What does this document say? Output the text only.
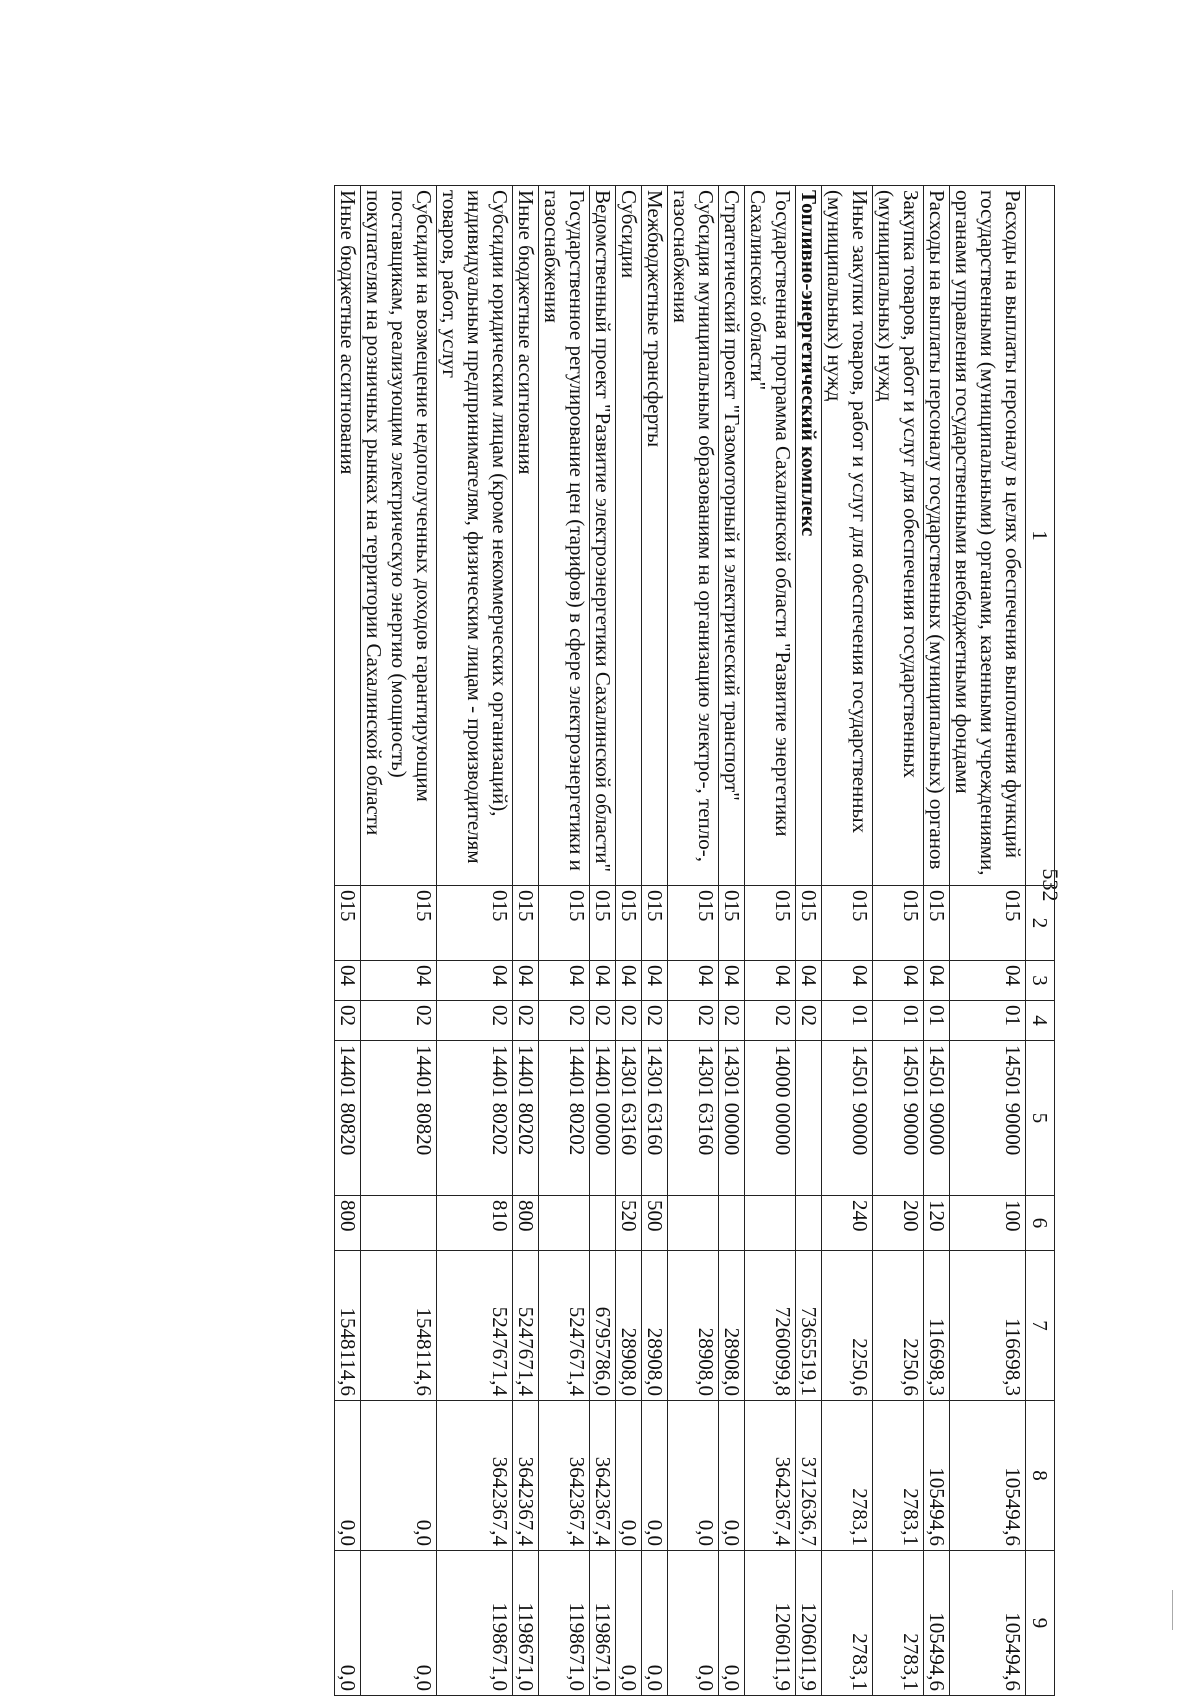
532
1	2	3	4	5	6	7	8	9
Расходы на выплаты персоналу в целях обеспечения выполнения функций государственными (муниципальными) органами, казенными учреждениями, органами управления государственными внебюджетными фондами	015	04	01	14501 90000	100	116698,3	105494,6	105494,6
Расходы на выплаты персоналу государственных (муниципальных) органов	015	04	01	14501 90000	120	116698,3	105494,6	105494,6
Закупка товаров, работ и услуг для обеспечения государственных (муниципальных) нужд	015	04	01	14501 90000	200	2250,6	2783,1	2783,1
Иные закупки товаров, работ и услуг для обеспечения государственных (муниципальных) нужд	015	04	01	14501 90000	240	2250,6	2783,1	2783,1
Топливно-энергетический комплекс	015	04	02			7365519,1	3712636,7	1206011,9
Государственная программа Сахалинской области "Развитие энергетики Сахалинской области"	015	04	02	14000 00000		7260099,8	3642367,4	1206011,9
Стратегический проект "Газомоторный и электрический транспорт"	015	04	02	14301 00000		28908,0	0,0	0,0
Субсидия муниципальным образованиям на организацию электро-, тепло-, газоснабжения	015	04	02	14301 63160		28908,0	0,0	0,0
Межбюджетные трансферты	015	04	02	14301 63160	500	28908,0	0,0	0,0
Субсидии	015	04	02	14301 63160	520	28908,0	0,0	0,0
Ведомственный проект "Развитие электроэнергетики Сахалинской области"	015	04	02	14401 00000		6795786,0	3642367,4	1198671,0
Государственное регулирование цен (тарифов) в сфере электроэнергетики и газоснабжения	015	04	02	14401 80202		5247671,4	3642367,4	1198671,0
Иные бюджетные ассигнования	015	04	02	14401 80202	800	5247671,4	3642367,4	1198671,0
Субсидии юридическим лицам (кроме некоммерческих организаций), индивидуальным предпринимателям, физическим лицам - производителям товаров, работ, услуг	015	04	02	14401 80202	810	5247671,4	3642367,4	1198671,0
Субсидии на возмещение недополученных доходов гарантирующим поставщикам, реализующим электрическую энергию (мощность) покупателям на розничных рынках на территории Сахалинской области	015	04	02	14401 80820		1548114,6	0,0	0,0
Иные бюджетные ассигнования	015	04	02	14401 80820	800	1548114,6	0,0	0,0
